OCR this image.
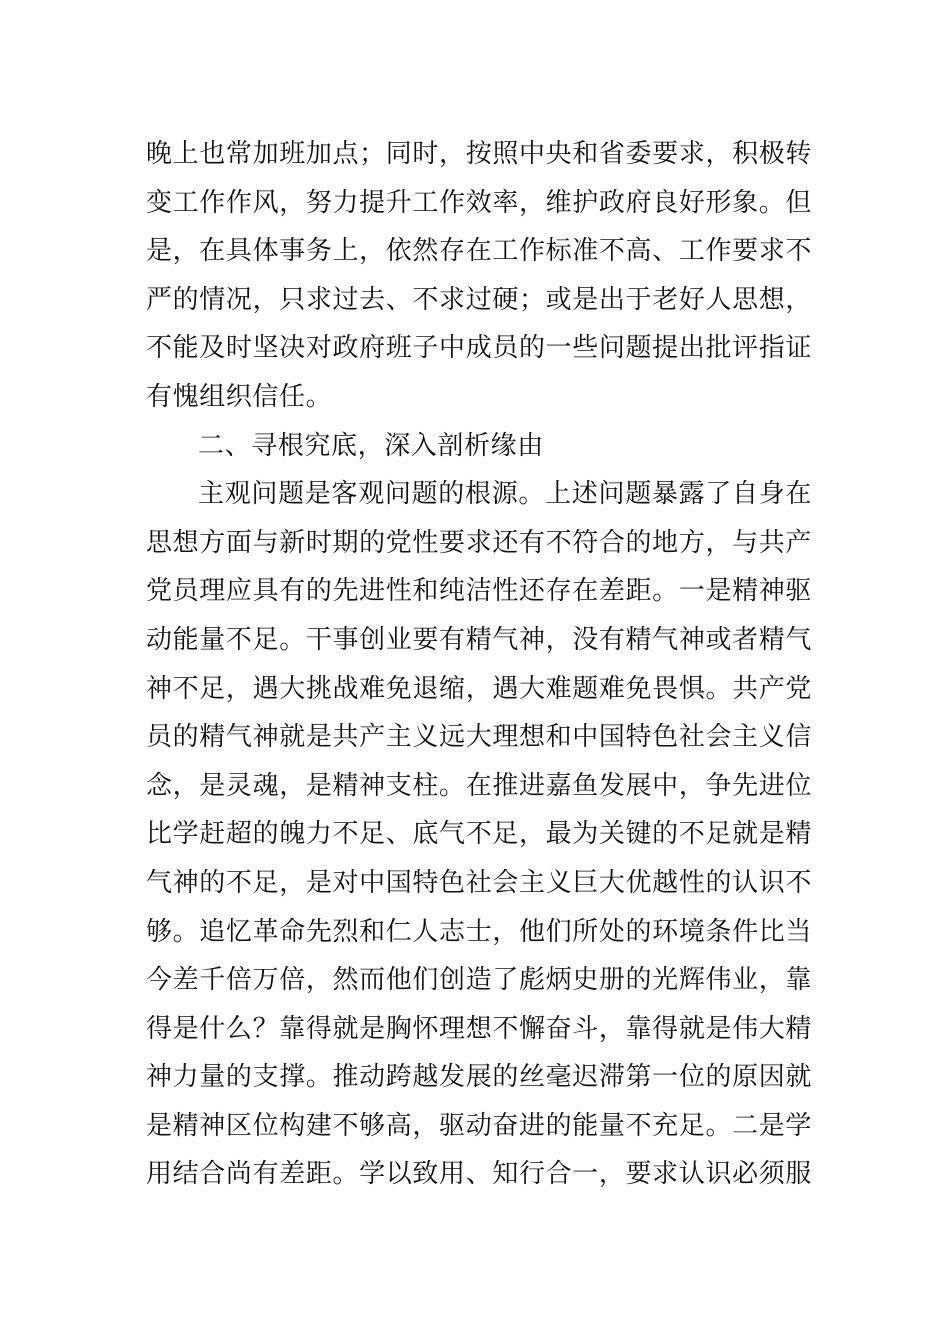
晚上也常加班加点；同时，按照中央和省委要求，积极转
变工作作风，努力提升工作效率，维护政府良好形象。但
是，在具体事务上，依然存在工作标准不高、工作要求不
严的情况，只求过去、不求过硬；或是出于老好人思想，
不能及时坚决对政府班子中成员的一些问题提出批评指证
有愧组织信任。
二、寻根究底，深入剖析缘由
主观问题是客观问题的根源。上述问题暴露了自身在
思想方面与新时期的党性要求还有不符合的地方，与共产
党员理应具有的先进性和纯洁性还存在差距。一是精神驱
动能量不足。干事创业要有精气神，没有精气神或者精气
神不足，遇大挑战难免退缩，遇大难题难免畏惧。共产党
员的精气神就是共产主义远大理想和中国特色社会主义信
念，是灵魂，是精神支柱。在推进嘉鱼发展中，争先进位
比学赶超的魄力不足、底气不足，最为关键的不足就是精
气神的不足，是对中国特色社会主义巨大优越性的认识不
够。追忆革命先烈和仁人志士，他们所处的环境条件比当
今差千倍万倍，然而他们创造了彪炳史册的光辉伟业，靠
得是什么？靠得就是胸怀理想不懈奋斗，靠得就是伟大精
神力量的支撑。推动跨越发展的丝毫迟滞第一位的原因就
是精神区位构建不够高，驱动奋进的能量不充足。二是学
用结合尚有差距。学以致用、知行合一，要求认识必须服
